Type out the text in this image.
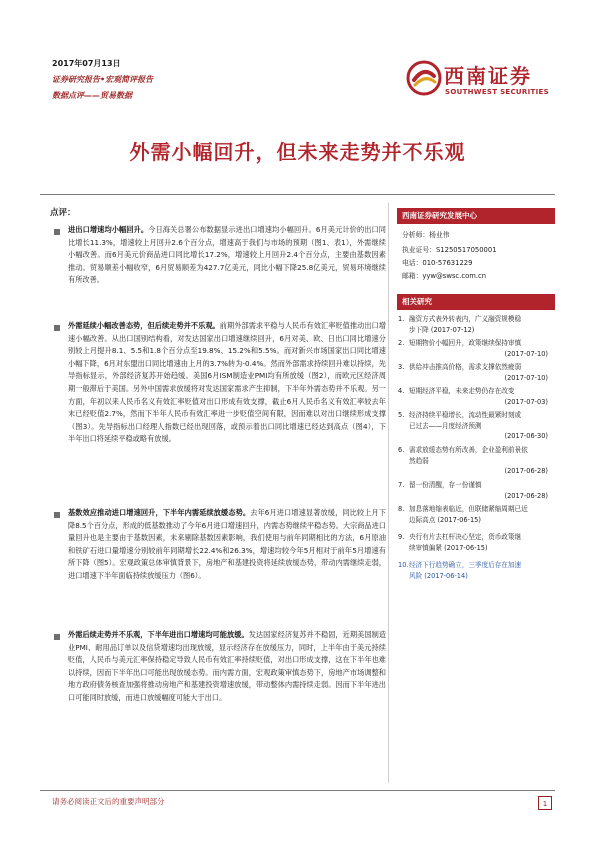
2017年07月13日
证券研究报告•宏观简评报告
数据点评——贸易数据
西南证券
SOUTHWEST SECURITIES
外需小幅回升，但未来走势并不乐观
点评：
进出口增速均小幅回升。今日海关总署公布数据显示进出口增速均小幅回升。6月美元计价的出口同比增长11.3%，增速较上月回升2.6个百分点，增速高于我们与市场的预期（图1、表1），外需继续小幅改善。而6月美元价商品进口同比增长17.2%，增速较上月回升2.4个百分点，主要由基数因素推动。贸易顺差小幅收窄，6月贸易顺差为427.7亿美元，同比小幅下降25.8亿美元，贸易环境继续有所改善。
外需延续小幅改善态势，但后续走势并不乐观。前期外部需求平稳与人民币有效汇率贬值推动出口增速小幅改善。从出口国别结构看，对发达国家出口增速继续回升，6月对美、欧、日出口同比增速分别较上月提升8.1、5.5和1.8个百分点至19.8%、15.2%和5.5%。而对新兴市场国家出口同比增速小幅下降，6月对东盟出口同比增速由上月的3.7%转为-0.4%。然而外部需求持续回升难以持续，先导指标显示，外部经济复苏开始趋缓。美国6月ISM制造业PMI均有所放缓（图2），而欧元区经济周期一般滞后于美国。另外中国需求放缓将对发达国家需求产生抑制，下半年外需态势并不乐观。另一方面，年初以来人民币名义有效汇率贬值对出口形成有效支撑，截止6月人民币名义有效汇率较去年末已经贬值2.7%，然而下半年人民币有效汇率进一步贬值空间有限，因而难以对出口继续形成支撑（图3）。先导指标出口经理人指数已经出现回落，或预示着出口同比增速已经达到高点（图4），下半年出口将延续平稳或略有放缓。
基数效应推动进口增速回升，下半年内需延续放缓态势。去年6月进口增速显著放缓，同比较上月下降8.5个百分点，形成的低基数推动了今年6月进口增速回升，内需态势继续平稳态势。大宗商品进口量回升也是主要由于基数因素，未来剔除基数因素影响，我们使用与前年同期相比的方法，6月原油和铁矿石进口量增速分别较前年同期增长22.4%和26.3%，增速均较今年5月相对于前年5月增速有所下降（图5）。宏观政策总体审慎背景下，房地产和基建投资将延续放缓态势，带动内需继续走弱，进口增速下半年面临持续放缓压力（图6）。
外需后续走势并不乐观，下半年进出口增速均可能放缓。发达国家经济复苏并不稳固，近期美国制造业PMI、耐用品订单以及信贷增速均出现放缓，显示经济存在放缓压力，同时，上半年由于美元持续贬值，人民币与美元汇率保持稳定导致人民币有效汇率持续贬值，对出口形成支撑，这在下半年也难以持续，因而下半年出口可能出现放缓态势。而内需方面，宏观政策审慎态势下，房地产市场调整和地方政府债务核查加强将推动房地产和基建投资增速放缓，带动整体内需持续走弱。因而下半年进出口可能同时放缓，而进口放缓幅度可能大于出口。
西南证券研究发展中心
分析师：杨业伟
执业证号：S1250517050001
电话：010-57631229
邮箱：yyw@swsc.com.cn
相关研究
1. 融资方式表外转表内，广义融资规模稳
步下降 (2017-07-12)
2. 短期物价小幅回升，政策继续保持审慎
(2017-07-10)
3. 供给冲击推高价格，需求支撑依然疲弱
(2017-07-10)
4. 短期经济平稳，未来走势仍存在改变
(2017-07-03)
5. 经济持续平稳增长，流动性最紧时刻或
已过去——月度经济预测
(2017-06-30)
6. 需求放缓态势有所改善，企业盈利前景依
然趋弱
(2017-06-28)
7. 留一份清醒，存一份谨慎
(2017-06-28)
8. 加息落地缩表临近，但联储紧缩周期已近
边际高点 (2017-06-15)
9. 央行有片去杠杆决心坚定，货币政策继
续审慎偏紧 (2017-06-15)
10.经济下行趋势确立，三季度后存在加速
风险 (2017-06-14)
请务必阅读正文后的重要声明部分	1
